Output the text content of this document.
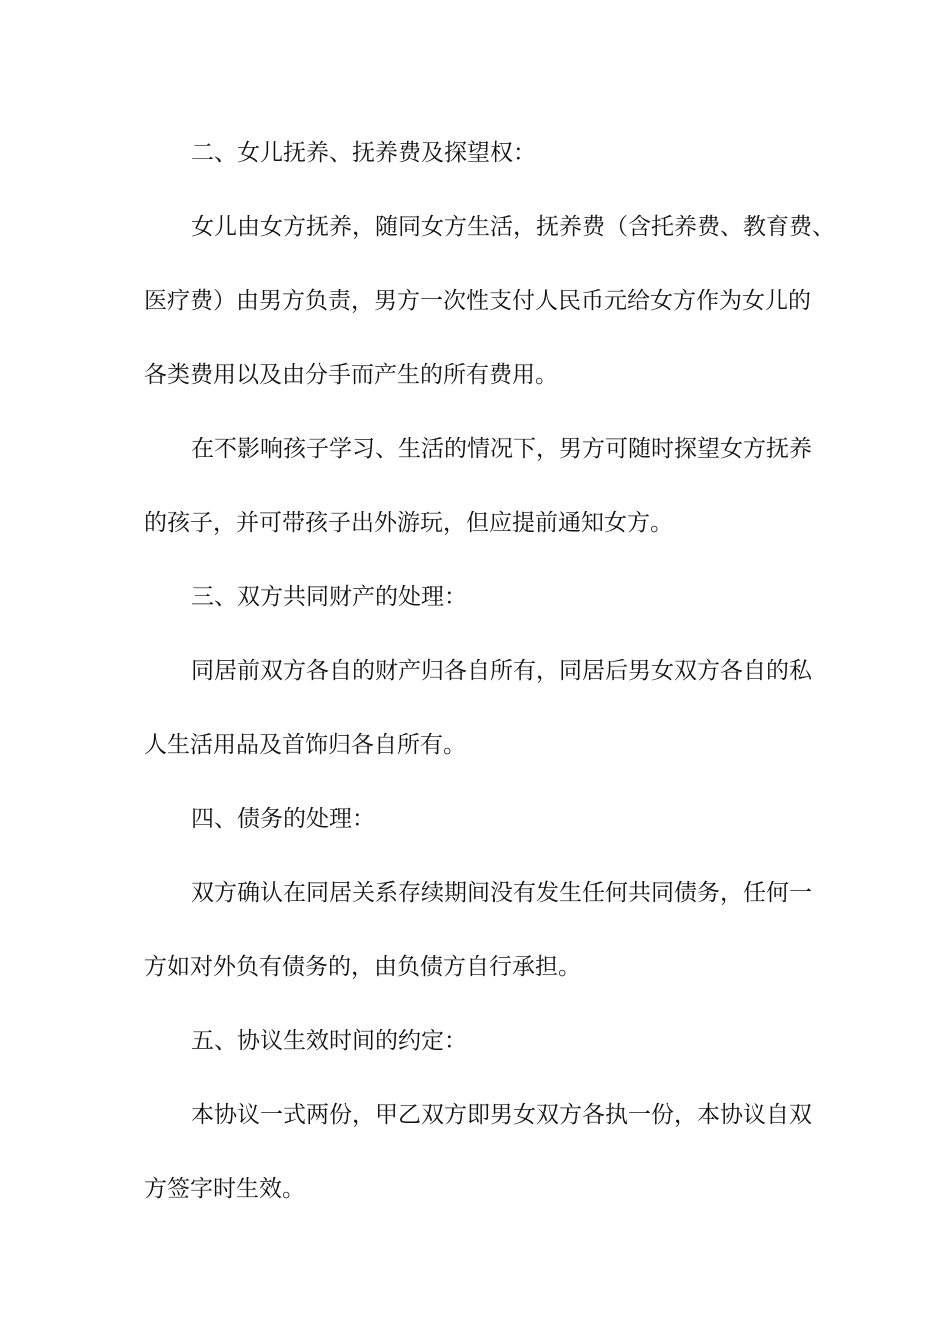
二、女儿抚养、抚养费及探望权：
女儿由女方抚养，随同女方生活，抚养费（含托养费、教育费、
医疗费）由男方负责，男方一次性支付人民币元给女方作为女儿的
各类费用以及由分手而产生的所有费用。
在不影响孩子学习、生活的情况下，男方可随时探望女方抚养
的孩子，并可带孩子出外游玩，但应提前通知女方。
三、双方共同财产的处理：
同居前双方各自的财产归各自所有，同居后男女双方各自的私
人生活用品及首饰归各自所有。
四、债务的处理：
双方确认在同居关系存续期间没有发生任何共同债务，任何一
方如对外负有债务的，由负债方自行承担。
五、协议生效时间的约定：
本协议一式两份，甲乙双方即男女双方各执一份，本协议自双
方签字时生效。
